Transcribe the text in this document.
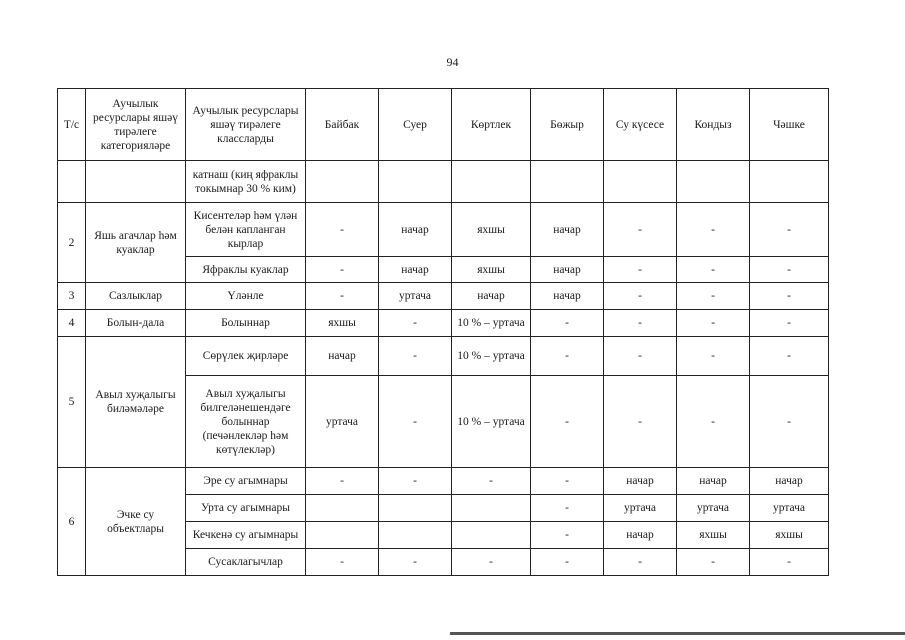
94
Т/с	Аучылык ресурслары яшәү тирәлеге категорияләре	Аучылык ресурслары яшәү тирәлеге классларды	Байбак	Суер	Көртлек	Бөжыр	Су күсесе	Кондыз	Чәшке
		катнаш (киң яфраклы токымнар 30 % ким)							
2	Яшь агачлар һәм куаклар	Кисентеләр һәм үлән белән капланган кырлар	-	начар	яхшы	начар	-	-	-
		Яфраклы куаклар	-	начар	яхшы	начар	-	-	-
3	Сазлыклар	Үләнле	-	уртача	начар	начар	-	-	-
4	Болын-дала	Болыннар	яхшы	-	10 % – уртача	-	-	-	-
5	Авыл хуҗалыгы биләмәләре	Сөрүлек җирләре	начар	-	10 % – уртача	-	-	-	-
		Авыл хуҗалыгы билгеләнешендәге болыннар (печәнлекләр һәм көтүлекләр)	уртача	-	10 % – уртача	-	-	-	-
6	Эчке су объектлары	Эре су агымнары	-	-	-	-	начар	начар	начар
		Урта су агымнары				-	уртача	уртача	уртача
		Кечкенә су агымнары				-	начар	яхшы	яхшы
		Сусаклагычлар	-	-	-	-	-	-	-
